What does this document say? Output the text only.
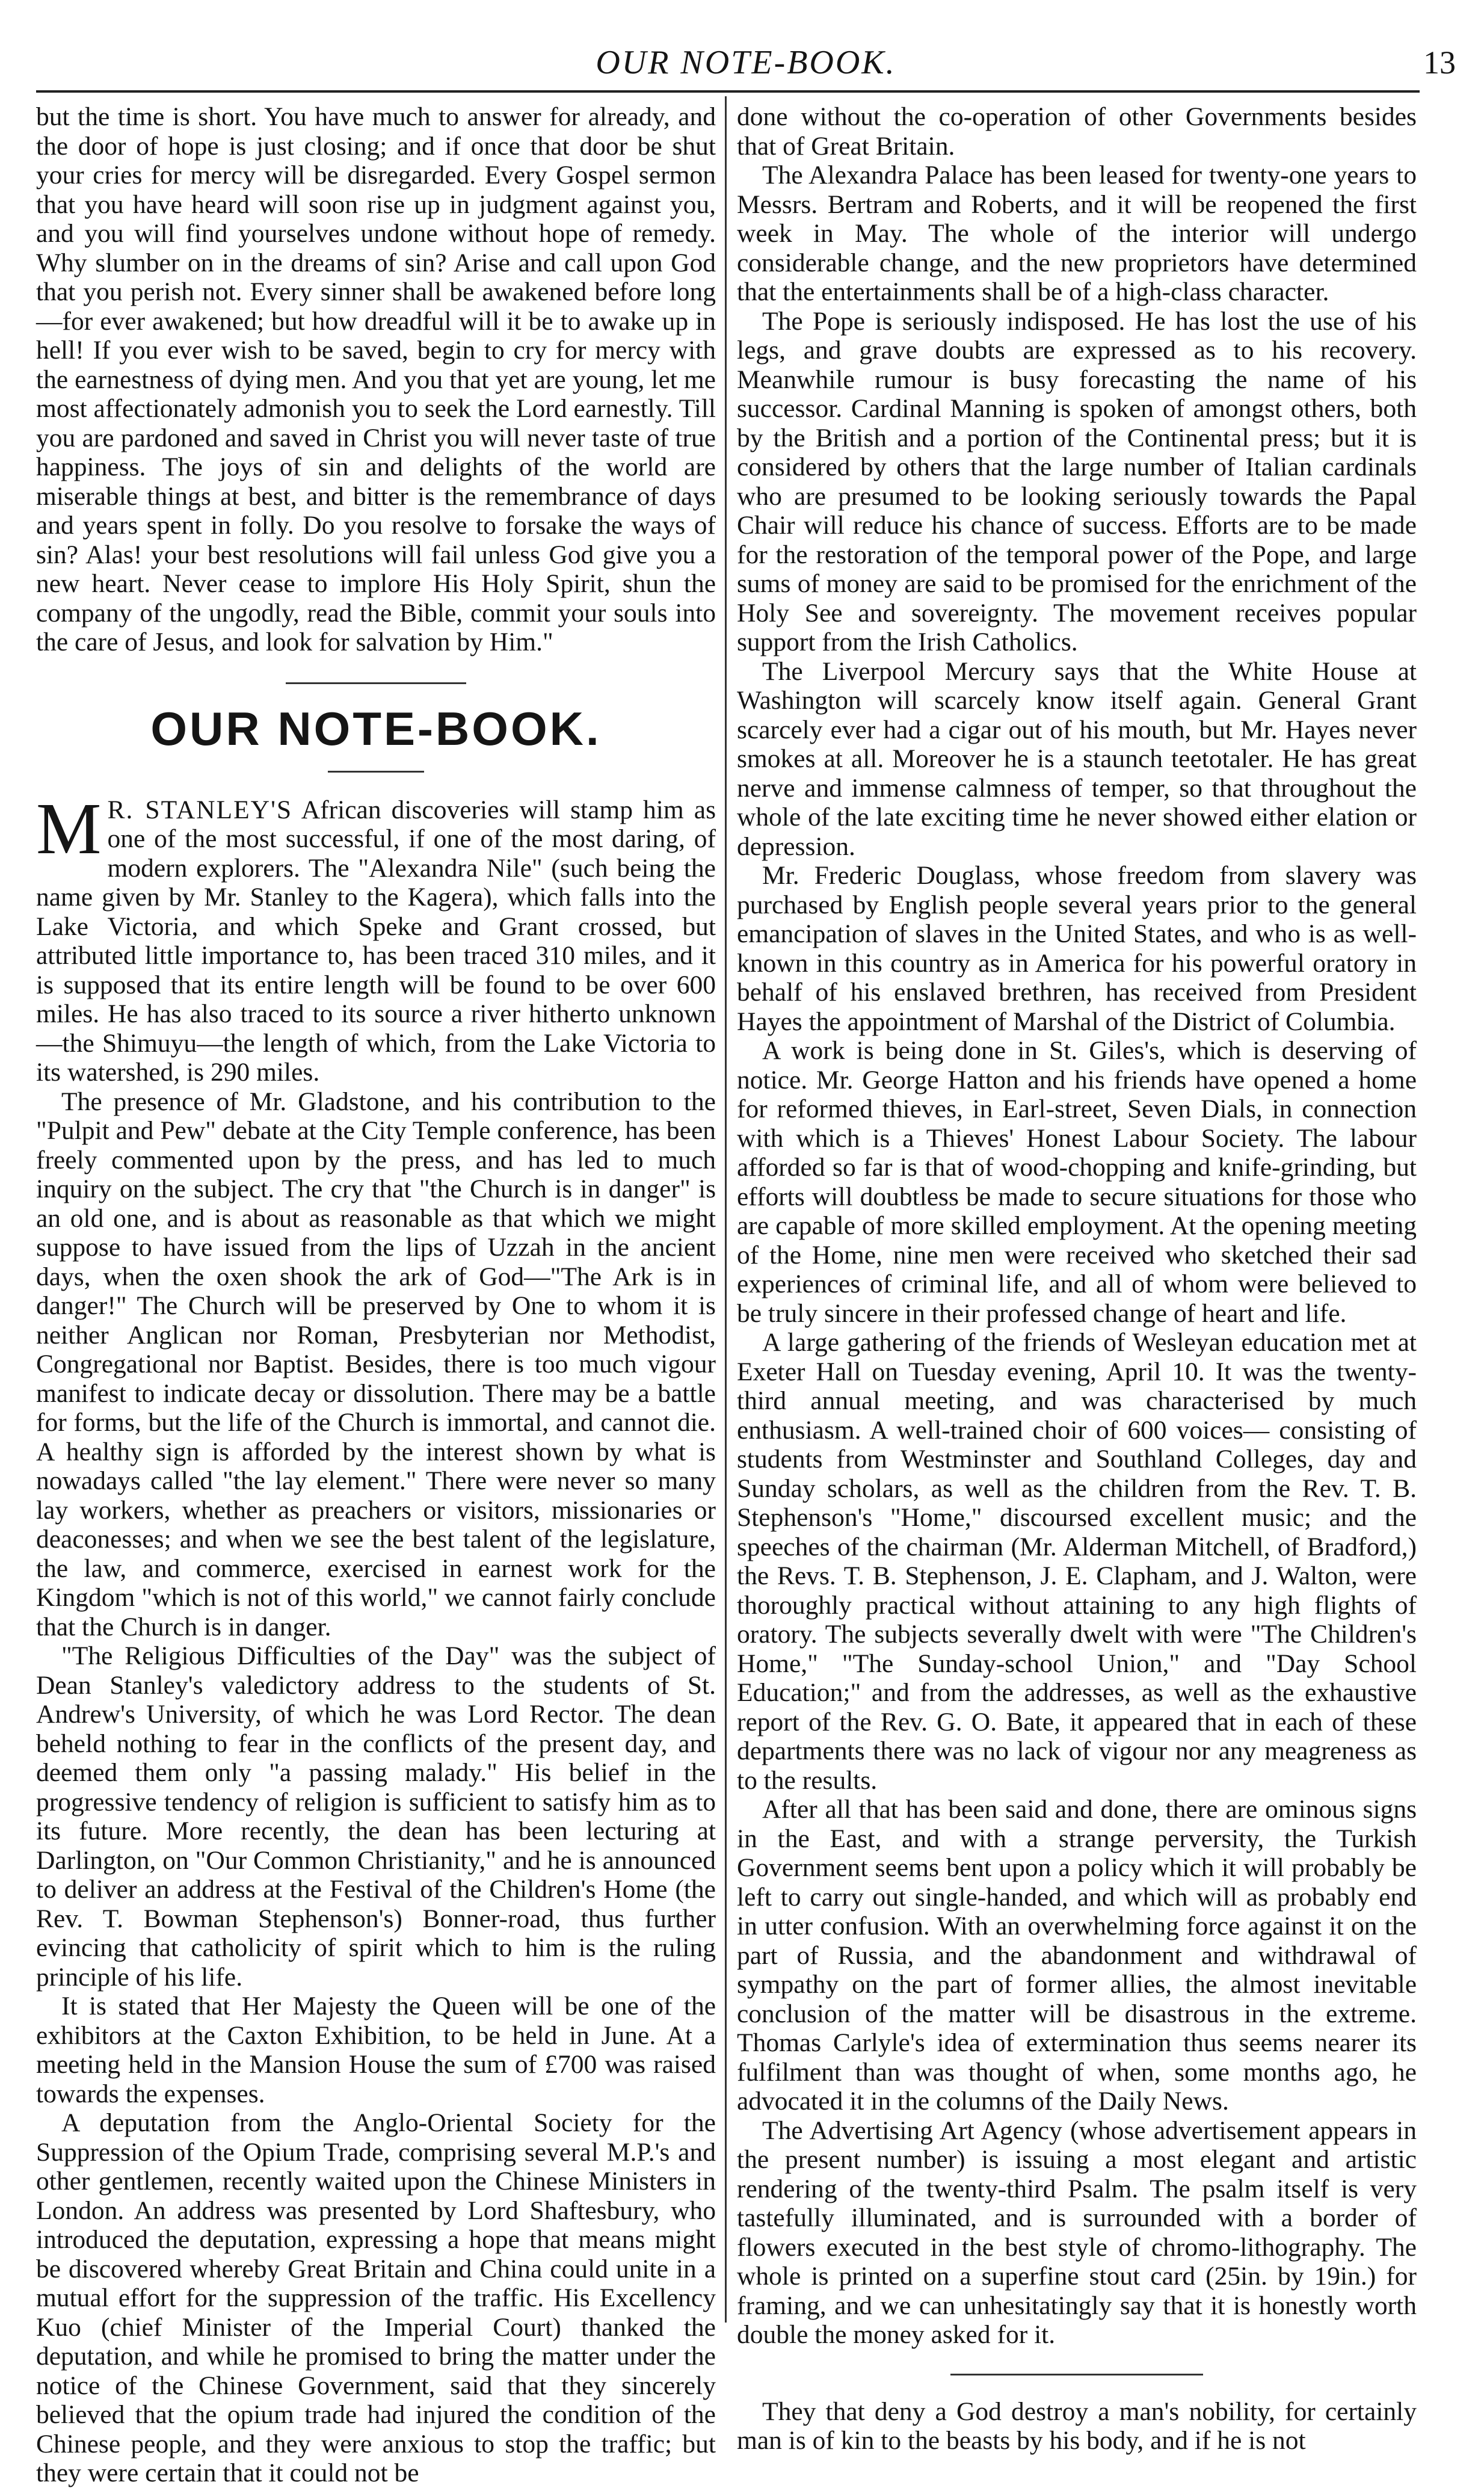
OUR NOTE-BOOK.	13

but the time is short. You have much to answer for already, and the door of hope is just closing; and if once that door be shut your cries for mercy will be disregarded. Every Gospel sermon that you have heard will soon rise up in judgment against you, and you will find yourselves undone without hope of remedy. Why slumber on in the dreams of sin? Arise and call upon God that you perish not. Every sinner shall be awakened before long—for ever awakened; but how dreadful will it be to awake up in hell! If you ever wish to be saved, begin to cry for mercy with the earnestness of dying men. And you that yet are young, let me most affectionately admonish you to seek the Lord earnestly. Till you are pardoned and saved in Christ you will never taste of true happiness. The joys of sin and delights of the world are miserable things at best, and bitter is the remembrance of days and years spent in folly. Do you resolve to forsake the ways of sin? Alas! your best resolutions will fail unless God give you a new heart. Never cease to implore His Holy Spirit, shun the company of the ungodly, read the Bible, commit your souls into the care of Jesus, and look for salvation by Him."

OUR NOTE-BOOK.

M R. STANLEY'S African discoveries will stamp him as one of the most successful, if one of the most daring, of modern explorers. The "Alexandra Nile" (such being the name given by Mr. Stanley to the Kagera), which falls into the Lake Victoria, and which Speke and Grant crossed, but attributed little importance to, has been traced 310 miles, and it is supposed that its entire length will be found to be over 600 miles. He has also traced to its source a river hitherto unknown—the Shimuyu—the length of which, from the Lake Victoria to its watershed, is 290 miles.

The presence of Mr. Gladstone, and his contribution to the "Pulpit and Pew" debate at the City Temple conference, has been freely commented upon by the press, and has led to much inquiry on the subject. The cry that "the Church is in danger" is an old one, and is about as reasonable as that which we might suppose to have issued from the lips of Uzzah in the ancient days, when the oxen shook the ark of God—"The Ark is in danger!" The Church will be preserved by One to whom it is neither Anglican nor Roman, Presbyterian nor Methodist, Congregational nor Baptist. Besides, there is too much vigour manifest to indicate decay or dissolution. There may be a battle for forms, but the life of the Church is immortal, and cannot die. A healthy sign is afforded by the interest shown by what is nowadays called "the lay element." There were never so many lay workers, whether as preachers or visitors, missionaries or deaconesses; and when we see the best talent of the legislature, the law, and commerce, exercised in earnest work for the Kingdom "which is not of this world," we cannot fairly conclude that the Church is in danger.

"The Religious Difficulties of the Day" was the subject of Dean Stanley's valedictory address to the students of St. Andrew's University, of which he was Lord Rector. The dean beheld nothing to fear in the conflicts of the present day, and deemed them only "a passing malady." His belief in the progressive tendency of religion is sufficient to satisfy him as to its future. More recently, the dean has been lecturing at Darlington, on "Our Common Christianity," and he is announced to deliver an address at the Festival of the Children's Home (the Rev. T. Bowman Stephenson's) Bonner-road, thus further evincing that catholicity of spirit which to him is the ruling principle of his life.

It is stated that Her Majesty the Queen will be one of the exhibitors at the Caxton Exhibition, to be held in June. At a meeting held in the Mansion House the sum of £700 was raised towards the expenses.

A deputation from the Anglo-Oriental Society for the Suppression of the Opium Trade, comprising several M.P.'s and other gentlemen, recently waited upon the Chinese Ministers in London. An address was presented by Lord Shaftesbury, who introduced the deputation, expressing a hope that means might be discovered whereby Great Britain and China could unite in a mutual effort for the suppression of the traffic. His Excellency Kuo (chief Minister of the Imperial Court) thanked the deputation, and while he promised to bring the matter under the notice of the Chinese Government, said that they sincerely believed that the opium trade had injured the condition of the Chinese people, and they were anxious to stop the traffic; but they were certain that it could not be

done without the co-operation of other Governments besides that of Great Britain.

The Alexandra Palace has been leased for twenty-one years to Messrs. Bertram and Roberts, and it will be reopened the first week in May. The whole of the interior will undergo considerable change, and the new proprietors have determined that the entertainments shall be of a high-class character.

The Pope is seriously indisposed. He has lost the use of his legs, and grave doubts are expressed as to his recovery. Meanwhile rumour is busy forecasting the name of his successor. Cardinal Manning is spoken of amongst others, both by the British and a portion of the Continental press; but it is considered by others that the large number of Italian cardinals who are presumed to be looking seriously towards the Papal Chair will reduce his chance of success. Efforts are to be made for the restoration of the temporal power of the Pope, and large sums of money are said to be promised for the enrichment of the Holy See and sovereignty. The movement receives popular support from the Irish Catholics.

The Liverpool Mercury says that the White House at Washington will scarcely know itself again. General Grant scarcely ever had a cigar out of his mouth, but Mr. Hayes never smokes at all. Moreover he is a staunch teetotaler. He has great nerve and immense calmness of temper, so that throughout the whole of the late exciting time he never showed either elation or depression.

Mr. Frederic Douglass, whose freedom from slavery was purchased by English people several years prior to the general emancipation of slaves in the United States, and who is as well-known in this country as in America for his powerful oratory in behalf of his enslaved brethren, has received from President Hayes the appointment of Marshal of the District of Columbia.

A work is being done in St. Giles's, which is deserving of notice. Mr. George Hatton and his friends have opened a home for reformed thieves, in Earl-street, Seven Dials, in connection with which is a Thieves' Honest Labour Society. The labour afforded so far is that of wood-chopping and knife-grinding, but efforts will doubtless be made to secure situations for those who are capable of more skilled employment. At the opening meeting of the Home, nine men were received who sketched their sad experiences of criminal life, and all of whom were believed to be truly sincere in their professed change of heart and life.

A large gathering of the friends of Wesleyan education met at Exeter Hall on Tuesday evening, April 10. It was the twenty-third annual meeting, and was characterised by much enthusiasm. A well-trained choir of 600 voices— consisting of students from Westminster and Southland Colleges, day and Sunday scholars, as well as the children from the Rev. T. B. Stephenson's "Home," discoursed excellent music; and the speeches of the chairman (Mr. Alderman Mitchell, of Bradford,) the Revs. T. B. Stephenson, J. E. Clapham, and J. Walton, were thoroughly practical without attaining to any high flights of oratory. The subjects severally dwelt with were "The Children's Home," "The Sunday-school Union," and "Day School Education;" and from the addresses, as well as the exhaustive report of the Rev. G. O. Bate, it appeared that in each of these departments there was no lack of vigour nor any meagreness as to the results.

After all that has been said and done, there are ominous signs in the East, and with a strange perversity, the Turkish Government seems bent upon a policy which it will probably be left to carry out single-handed, and which will as probably end in utter confusion. With an overwhelming force against it on the part of Russia, and the abandonment and withdrawal of sympathy on the part of former allies, the almost inevitable conclusion of the matter will be disastrous in the extreme. Thomas Carlyle's idea of extermination thus seems nearer its fulfilment than was thought of when, some months ago, he advocated it in the columns of the Daily News.

The Advertising Art Agency (whose advertisement appears in the present number) is issuing a most elegant and artistic rendering of the twenty-third Psalm. The psalm itself is very tastefully illuminated, and is surrounded with a border of flowers executed in the best style of chromo-lithography. The whole is printed on a superfine stout card (25in. by 19in.) for framing, and we can unhesitatingly say that it is honestly worth double the money asked for it.

They that deny a God destroy a man's nobility, for certainly man is of kin to the beasts by his body, and if he is not
